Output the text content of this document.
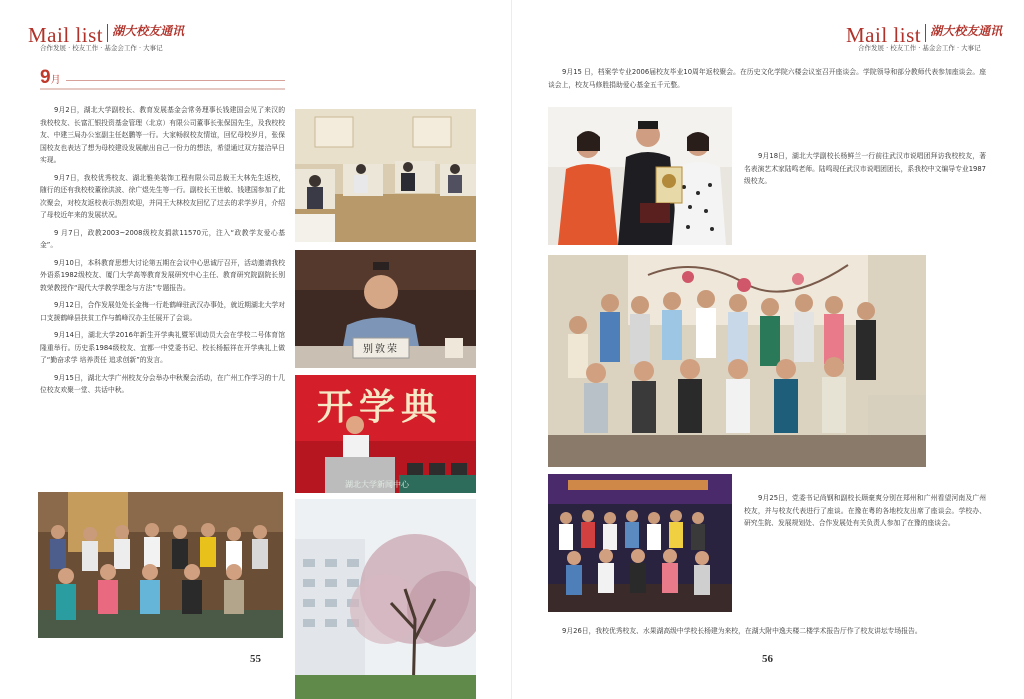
Mail list $^{湖大校友通讯}$
合作发展 · 校友工作 · 基金会工作 · 大事记
9月

9月2日，湖北大学副校长、教育发展基金会常务理事长钱建国会见了来汉的我校校友、长富汇银投资基金管理（北京）有限公司董事长张保国先生，及我校校友、中建三局办公室副主任赵鹏等一行。大家畅叙校友情谊，回忆母校岁月，张保国校友也表达了想为母校建设发展献出自己一份力的想法，希望通过双方接洽早日实现。

9月7日，我校优秀校友、湖北雅美装饰工程有限公司总裁王大林先生返校，随行的还有我校校董徐洪波、徐广煜先生等一行。副校长王世敏、钱建国参加了此次聚会，对校友返校表示热烈欢迎，并同王大林校友回忆了过去的求学岁月，介绍了母校近年来的发展状况。

9 月7日，政教2003~2008级校友捐款11570元，注入“政教学友爱心基金”。

9月10日，本科教育思想大讨论第五期在会议中心思诚厅召开，活动邀请我校外语系1982级校友、厦门大学高等教育发展研究中心主任、教育研究院副院长别敦荣教授作“现代大学教学理念与方法”专题报告。

9月12日，合作发展处处长金梅一行赴鹤峰驻武汉办事处，就近期湖北大学对口支援鹤峰县扶贫工作与鹤峰汉办主任展开了会谈。

9月14日，湖北大学2016年新生开学典礼暨军训动员大会在学校二号体育馆隆重举行。历史系1984级校友、宜都一中党委书记、校长杨振祥在开学典礼上做了“勤奋求学 培养责任 追求创新”的发言。

9月15日，湖北大学广州校友分会举办中秋聚会活动，在广州工作学习的十几位校友欢聚一堂、共话中秋。

别敦荣
开学典
湖北大学新闻中心
55
Mail list $^{湖大校友通讯}$
合作发展 · 校友工作 · 基金会工作 · 大事记

9月15 日，档案学专业2006届校友毕业10周年返校聚会。在历史文化学院六楼会议室召开座谈会。学院领导和部分教师代表参加座谈会。座谈会上，校友马修胜捐助爱心基金五千元整。

9月18日，湖北大学副校长杨鲜兰一行前往武汉市说唱团拜访我校校友，著名表演艺术家陆鸣老师。陆鸣现任武汉市说唱团团长，系我校中文编导专业1987级校友。

9月25日，党委书记尚钢和副校长顾豪爽分别在郑州和广州看望河南及广州校友，并与校友代表进行了座谈。在豫在粤的各地校友出席了座谈会。学校办、研究生院、发展规划处、合作发展处有关负责人参加了在豫的座谈会。

9月26日，我校优秀校友、水果湖高级中学校长杨建为来校，在湖大附中逸夫楼二楼学术报告厅作了校友讲坛专场报告。

56
